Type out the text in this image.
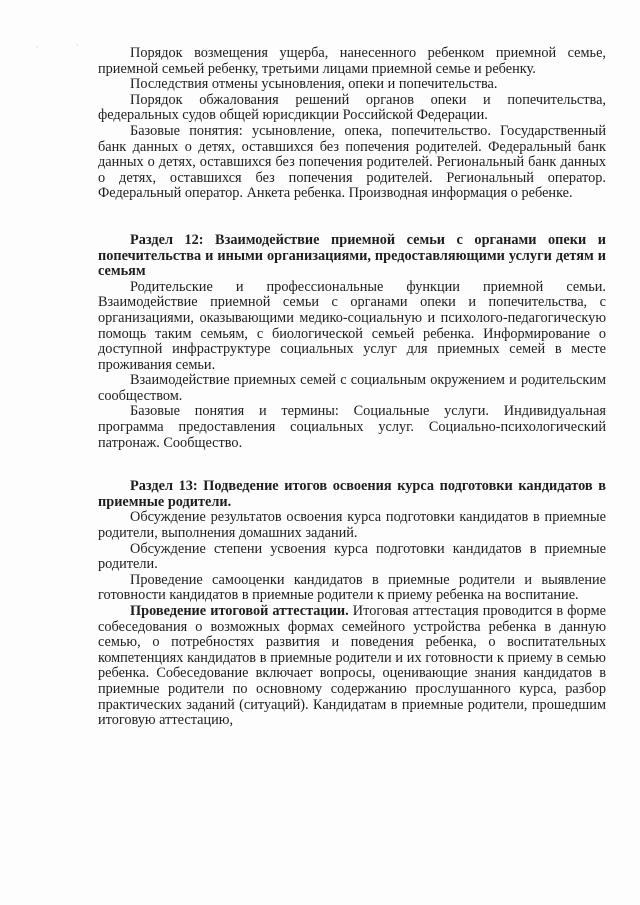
·	·	Порядок возмещения ущерба, нанесенного ребенком приемной семье, приемной семьей ребенку, третьими лицами приемной семье и ребенку.

Последствия отмены усыновления, опеки и попечительства.

Порядок обжалования решений органов опеки и попечительства, федеральных судов общей юрисдикции Российской Федерации.

Базовые понятия: усыновление, опека, попечительство. Государственный банк данных о детях, оставшихся без попечения родителей. Федеральный банк данных о детях, оставшихся без попечения родителей. Региональный банк данных о детях, оставшихся без попечения родителей. Региональный оператор. Федеральный оператор. Анкета ребенка. Производная информация о ребенке.

Раздел 12: Взаимодействие приемной семьи с органами опеки и попечительства и иными организациями, предоставляющими услуги детям и семьям

Родительские и профессиональные функции приемной семьи. Взаимодействие приемной семьи с органами опеки и попечительства, с организациями, оказывающими медико-социальную и психолого-педагогическую помощь таким семьям, с биологической семьей ребенка. Информирование о доступной инфраструктуре социальных услуг для приемных семей в месте проживания семьи.

Взаимодействие приемных семей с социальным окружением и родительским сообществом.

Базовые понятия и термины: Социальные услуги. Индивидуальная программа предоставления социальных услуг. Социально-психологический патронаж. Сообщество.

Раздел 13: Подведение итогов освоения курса подготовки кандидатов в приемные родители.

Обсуждение результатов освоения курса подготовки кандидатов в приемные родители, выполнения домашних заданий.

Обсуждение степени усвоения курса подготовки кандидатов в приемные родители.

Проведение самооценки кандидатов в приемные родители и выявление готовности кандидатов в приемные родители к приему ребенка на воспитание.

Проведение итоговой аттестации. Итоговая аттестация проводится в форме собеседования о возможных формах семейного устройства ребенка в данную семью, о потребностях развития и поведения ребенка, о воспитательных компетенциях кандидатов в приемные родители и их готовности к приему в семью ребенка. Собеседование включает вопросы, оценивающие знания кандидатов в приемные родители по основному содержанию прослушанного курса, разбор практических заданий (ситуаций). Кандидатам в приемные родители, прошедшим итоговую аттестацию,
